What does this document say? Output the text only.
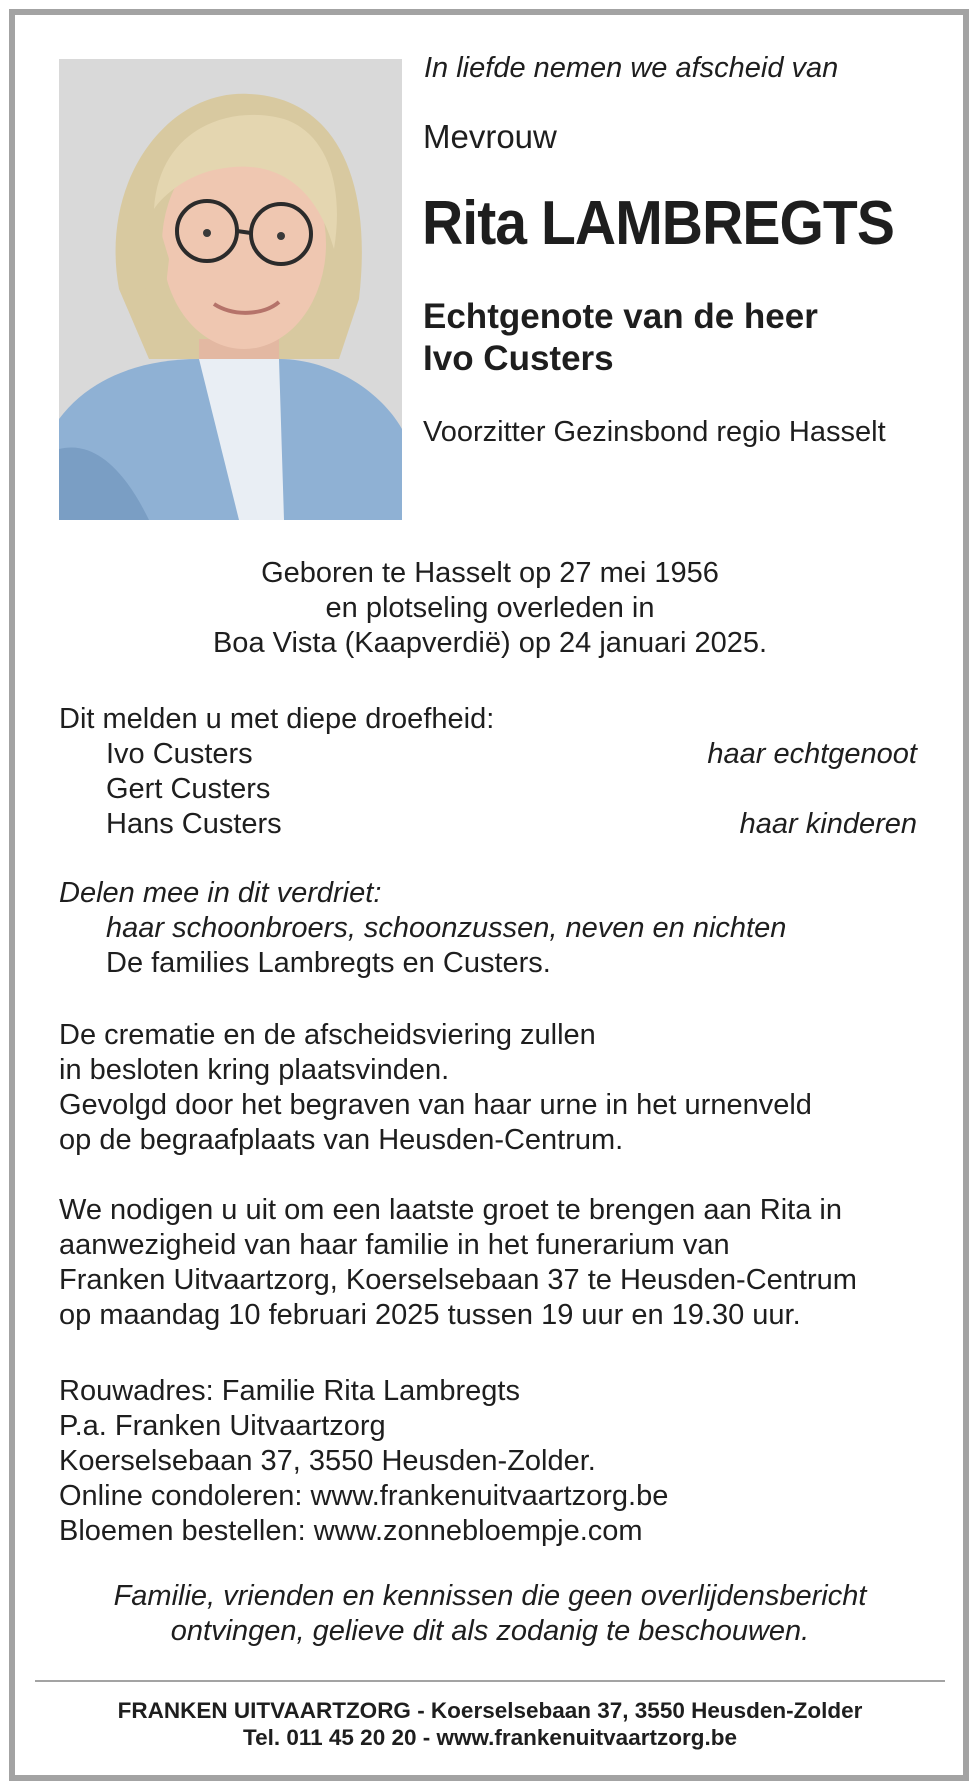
In liefde nemen we afscheid van
Mevrouw
Rita LAMBREGTS
Echtgenote van de heer
Ivo Custers
Voorzitter Gezinsbond regio Hasselt
Geboren te Hasselt op 27 mei 1956
en plotseling overleden in
Boa Vista (Kaapverdië) op 24 januari 2025.
Dit melden u met diepe droefheid:
Ivo Custers	haar echtgenoot
Gert Custers
Hans Custers	haar kinderen
Delen mee in dit verdriet:
haar schoonbroers, schoonzussen, neven en nichten
De families Lambregts en Custers.
De crematie en de afscheidsviering zullen
in besloten kring plaatsvinden.
Gevolgd door het begraven van haar urne in het urnenveld
op de begraafplaats van Heusden-Centrum.
We nodigen u uit om een laatste groet te brengen aan Rita in
aanwezigheid van haar familie in het funerarium van
Franken Uitvaartzorg, Koerselsebaan 37 te Heusden-Centrum
op maandag 10 februari 2025 tussen 19 uur en 19.30 uur.
Rouwadres: Familie Rita Lambregts
P.a. Franken Uitvaartzorg
Koerselsebaan 37, 3550 Heusden-Zolder.
Online condoleren: www.frankenuitvaartzorg.be
Bloemen bestellen: www.zonnebloempje.com
Familie, vrienden en kennissen die geen overlijdensbericht
ontvingen, gelieve dit als zodanig te beschouwen.
FRANKEN UITVAARTZORG - Koerselsebaan 37, 3550 Heusden-Zolder
Tel. 011 45 20 20 - www.frankenuitvaartzorg.be
